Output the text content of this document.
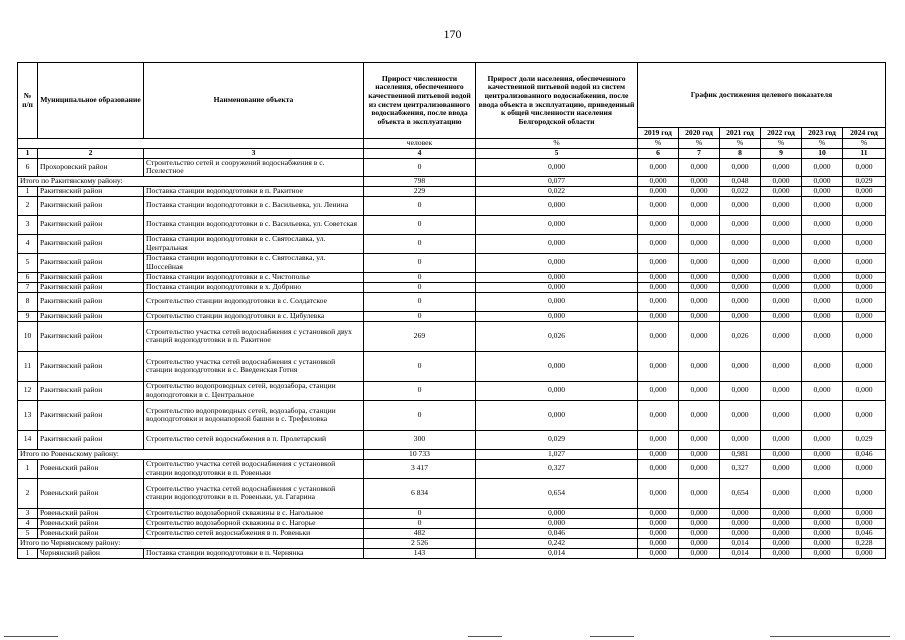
170
№ п/п	Муниципальное образование	Наименование объекта	Прирост численности населения, обеспеченного качественной питьевой водой из систем централизованного водоснабжения, после ввода объекта в эксплуатацию	Прирост доли населения, обеспеченного качественной питьевой водой из систем централизованного водоснабжения, после ввода объекта в эксплуатацию, приведенный к общей численности населения Белгородской области	График достижения целевого показателя					
					2019 год	2020 год	2021 год	2022 год	2023 год	2024 год
			человек	%	%	%	%	%	%	%
1	2	3	4	5	6	7	8	9	10	11
6	Прохоровский район	Строительство сетей и сооружений водоснабжения в с. Пселестное	0	0,000	0,000	0,000	0,000	0,000	0,000	0,000
Итого по Ракитянскому району:			798	0,077	0,000	0,000	0,048	0,000	0,000	0,029
1	Ракитянский район	Поставка станции водоподготовки в п. Ракитное	229	0,022	0,000	0,000	0,022	0,000	0,000	0,000
2	Ракитянский район	Поставка станции водоподготовки в с. Васильевка, ул. Ленина	0	0,000	0,000	0,000	0,000	0,000	0,000	0,000
3	Ракитянский район	Поставка станции водоподготовки в с. Васильевка, ул. Советская	0	0,000	0,000	0,000	0,000	0,000	0,000	0,000
4	Ракитянский район	Поставка станции водоподготовки в с. Святославка, ул. Центральная	0	0,000	0,000	0,000	0,000	0,000	0,000	0,000
5	Ракитянский район	Поставка станции водоподготовки в с. Святославка, ул. Шоссейная	0	0,000	0,000	0,000	0,000	0,000	0,000	0,000
6	Ракитянский район	Поставка станции водоподготовки в с. Чистополье	0	0,000	0,000	0,000	0,000	0,000	0,000	0,000
7	Ракитянский район	Поставка станции водоподготовки в х. Добрино	0	0,000	0,000	0,000	0,000	0,000	0,000	0,000
8	Ракитянский район	Строительство станции водоподготовки в с. Солдатское	0	0,000	0,000	0,000	0,000	0,000	0,000	0,000
9	Ракитянский район	Строительство станции водоподготовки в с. Цибулевка	0	0,000	0,000	0,000	0,000	0,000	0,000	0,000
10	Ракитянский район	Строительство участка сетей водоснабжения с установкой двух станций водоподготовки в п. Ракитное	269	0,026	0,000	0,000	0,026	0,000	0,000	0,000
11	Ракитянский район	Строительство участка сетей водоснабжения с установкой станции водоподготовки в с. Введенская Готня	0	0,000	0,000	0,000	0,000	0,000	0,000	0,000
12	Ракитянский район	Строительство водопроводных сетей, водозабора, станции водоподготовки в с. Центральное	0	0,000	0,000	0,000	0,000	0,000	0,000	0,000
13	Ракитянский район	Строительство водопроводных сетей, водозабора, станции водоподготовки и водонапорной башни в с. Трефиловка	0	0,000	0,000	0,000	0,000	0,000	0,000	0,000
14	Ракитянский район	Строительство сетей водоснабжения в п. Пролетарский	300	0,029	0,000	0,000	0,000	0,000	0,000	0,029
Итого по Ровеньскому району:			10 733	1,027	0,000	0,000	0,981	0,000	0,000	0,046
1	Ровеньский район	Строительство участка сетей водоснабжения с установкой станции водоподготовки в п. Ровеньки	3 417	0,327	0,000	0,000	0,327	0,000	0,000	0,000
2	Ровеньский район	Строительство участка сетей водоснабжения с установкой станции водоподготовки в п. Ровеньки, ул. Гагарина	6 834	0,654	0,000	0,000	0,654	0,000	0,000	0,000
3	Ровеньский район	Строительство водозаборной скважины в с. Нагольное	0	0,000	0,000	0,000	0,000	0,000	0,000	0,000
4	Ровеньский район	Строительство водозаборной скважины в с. Нагорье	0	0,000	0,000	0,000	0,000	0,000	0,000	0,000
5	Ровеньский район	Строительство сетей водоснабжения в п. Ровеньки	482	0,046	0,000	0,000	0,000	0,000	0,000	0,046
Итого по Чернянскому району:			2 526	0,242	0,000	0,000	0,014	0,000	0,000	0,228
1	Чернянский район	Поставка станции водоподготовки в п. Чернянка	143	0,014	0,000	0,000	0,014	0,000	0,000	0,000
